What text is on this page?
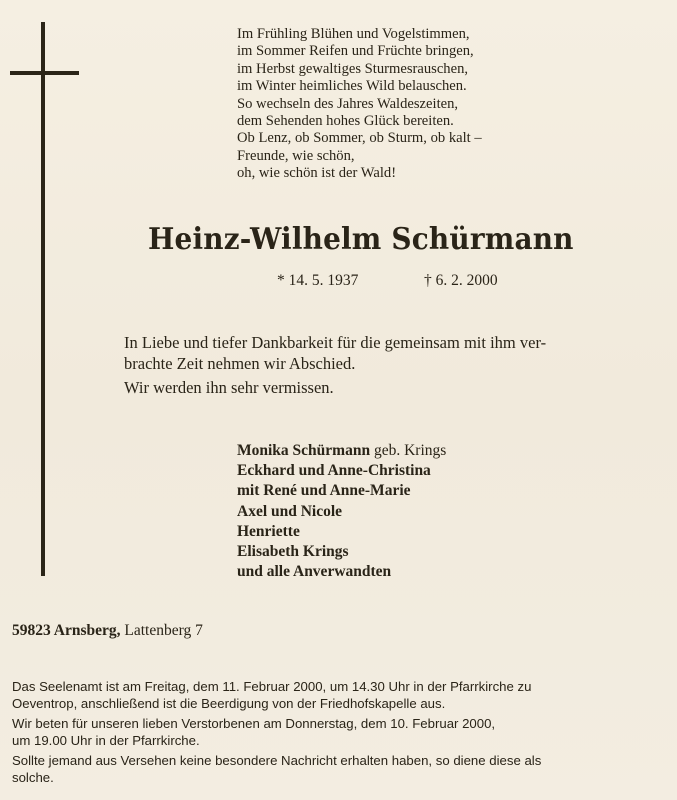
Im Frühling Blühen und Vogelstimmen,
im Sommer Reifen und Früchte bringen,
im Herbst gewaltiges Sturmesrauschen,
im Winter heimliches Wild belauschen.
So wechseln des Jahres Waldeszeiten,
dem Sehenden hohes Glück bereiten.
Ob Lenz, ob Sommer, ob Sturm, ob kalt –
Freunde, wie schön,
oh, wie schön ist der Wald!
Heinz-Wilhelm Schürmann
* 14. 5. 1937	† 6. 2. 2000
In Liebe und tiefer Dankbarkeit für die gemeinsam mit ihm ver-
brachte Zeit nehmen wir Abschied.
Wir werden ihn sehr vermissen.
Monika Schürmann geb. Krings
Eckhard und Anne-Christina
mit René und Anne-Marie
Axel und Nicole
Henriette
Elisabeth Krings
und alle Anverwandten
59823 Arnsberg, Lattenberg 7
Das Seelenamt ist am Freitag, dem 11. Februar 2000, um 14.30 Uhr in der Pfarrkirche zu
Oeventrop, anschließend ist die Beerdigung von der Friedhofskapelle aus.
Wir beten für unseren lieben Verstorbenen am Donnerstag, dem 10. Februar 2000,
um 19.00 Uhr in der Pfarrkirche.
Sollte jemand aus Versehen keine besondere Nachricht erhalten haben, so diene diese als
solche.
